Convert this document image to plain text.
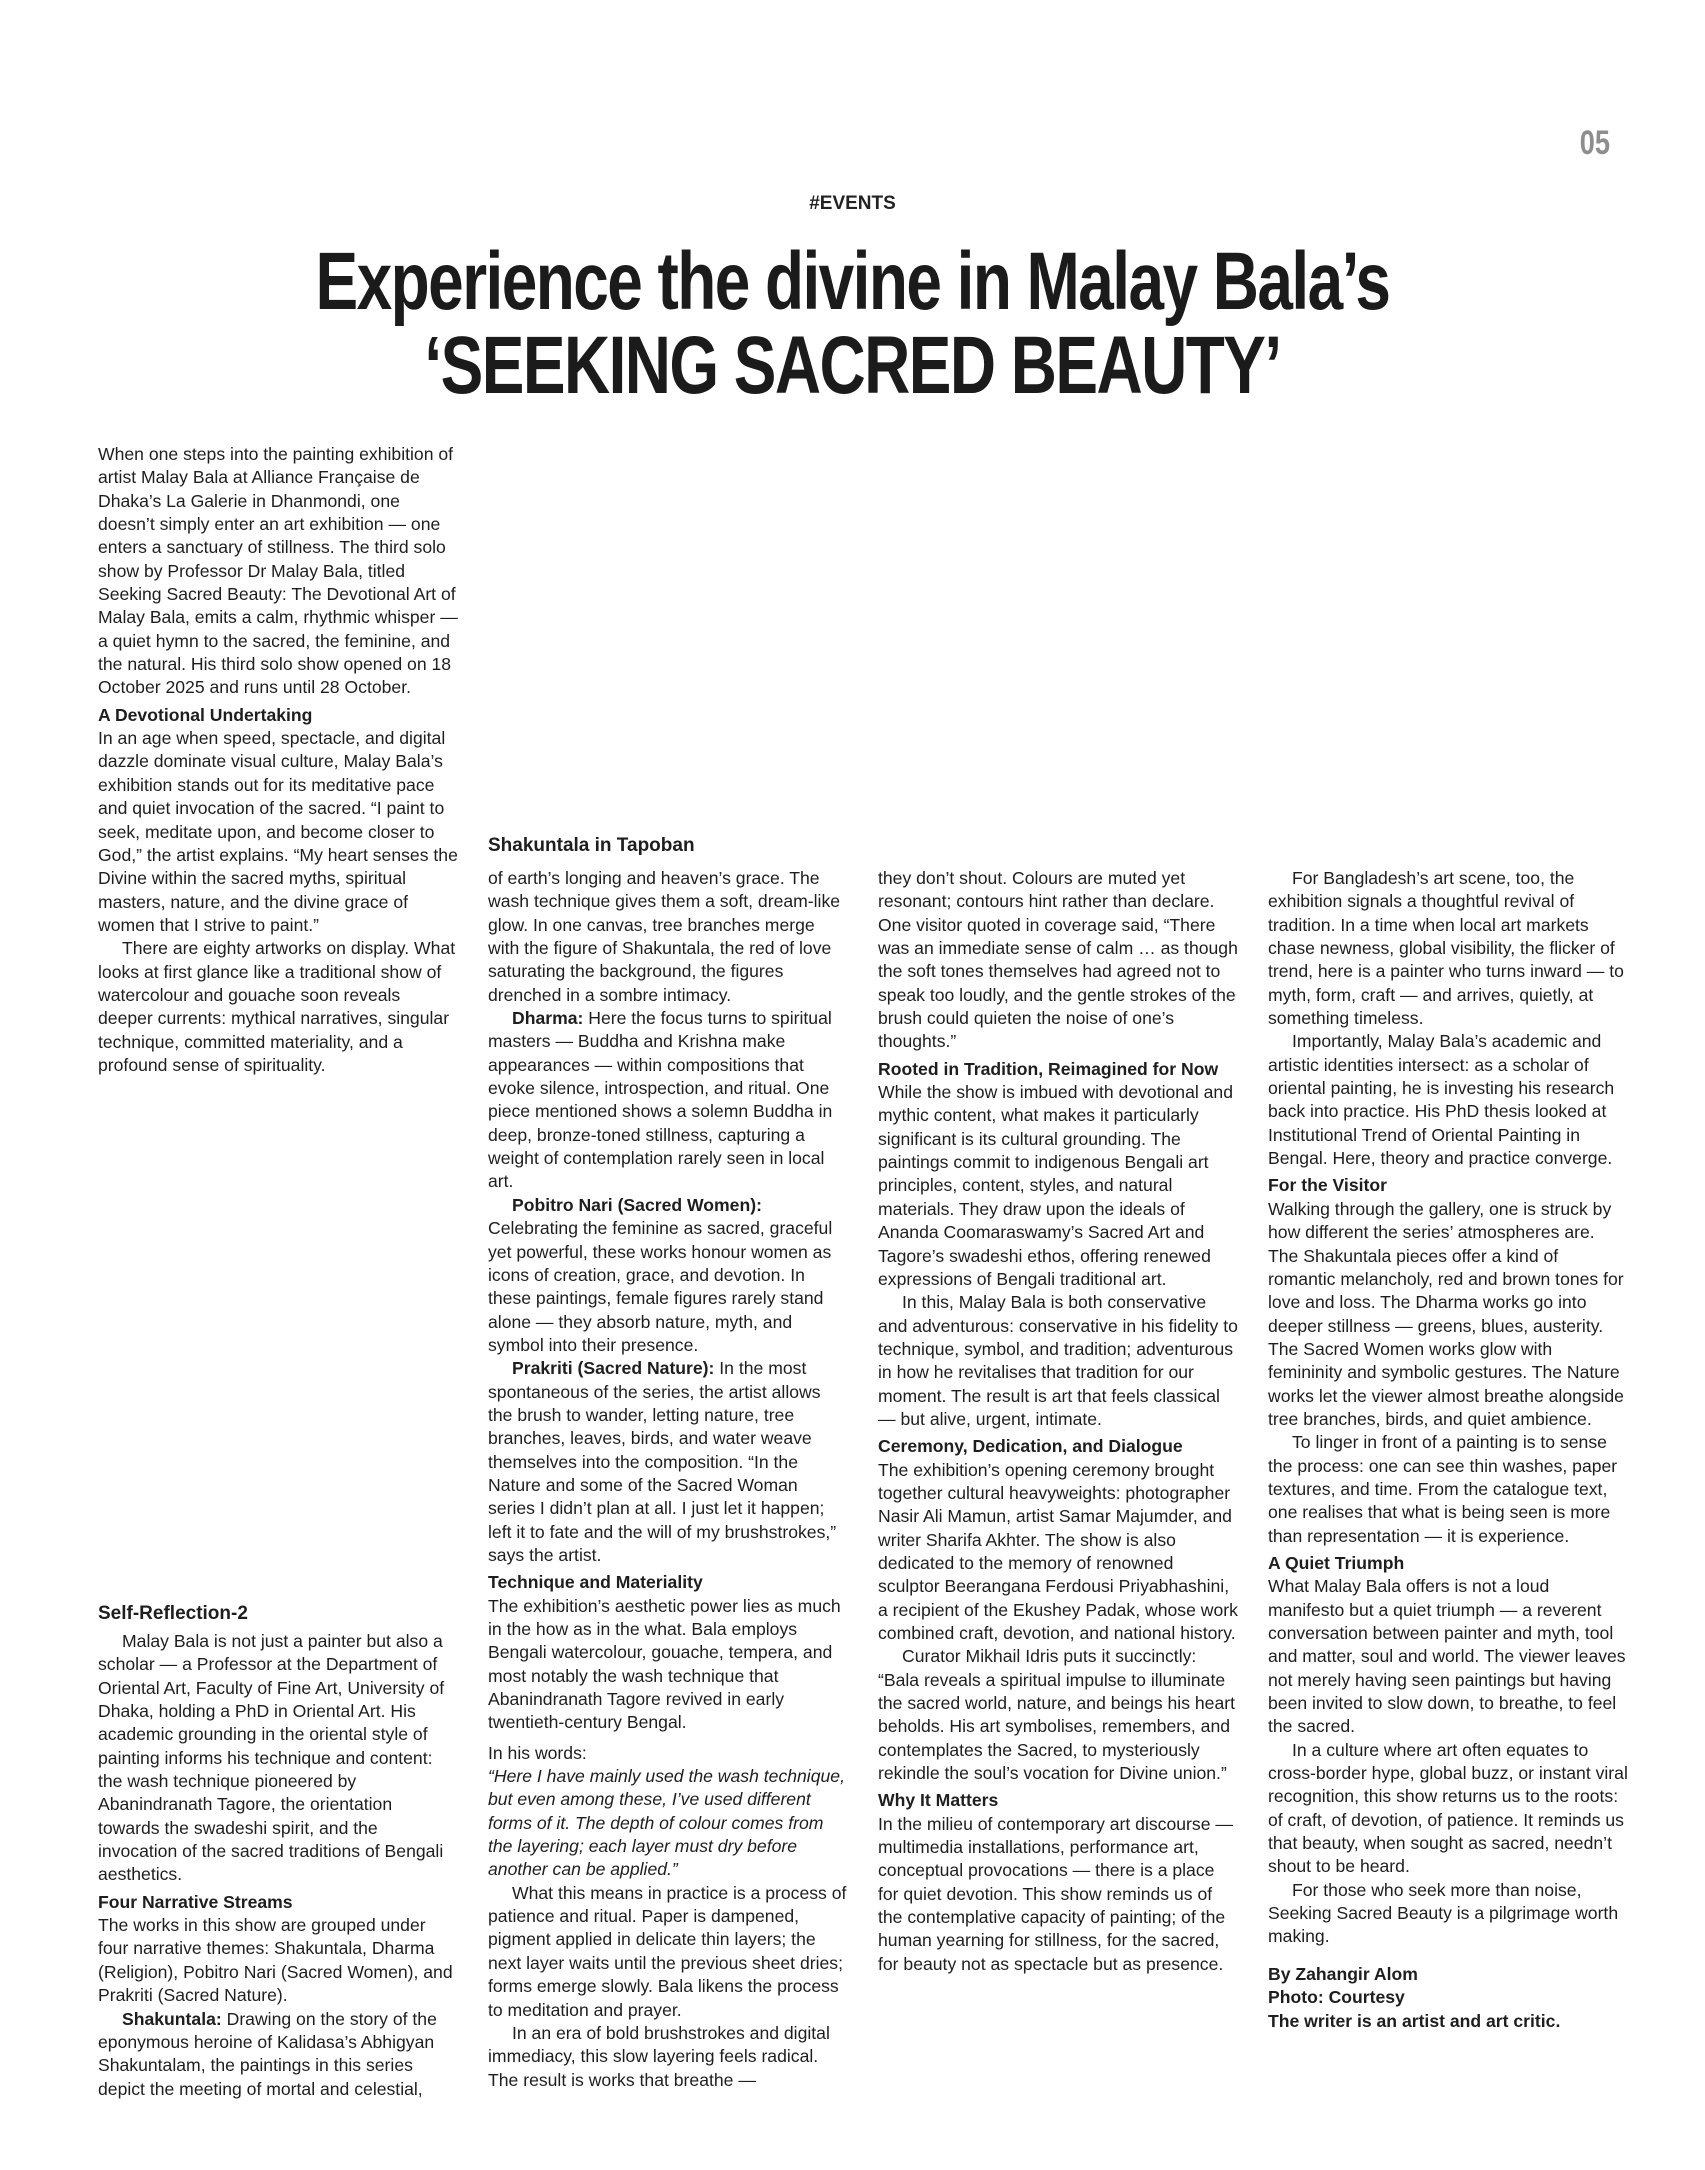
05
#EVENTS
Experience the divine in Malay Bala’s
‘SEEKING SACRED BEAUTY’

When one steps into the painting exhibition of artist Malay Bala at Alliance Française de Dhaka’s La Galerie in Dhanmondi, one doesn’t simply enter an art exhibition — one enters a sanctuary of stillness. The third solo show by Professor Dr Malay Bala, titled Seeking Sacred Beauty: The Devotional Art of Malay Bala, emits a calm, rhythmic whisper — a quiet hymn to the sacred, the feminine, and the natural. His third solo show opened on 18 October 2025 and runs until 28 October.

A Devotional Undertaking

In an age when speed, spectacle, and digital dazzle dominate visual culture, Malay Bala’s exhibition stands out for its meditative pace and quiet invocation of the sacred. “I paint to seek, meditate upon, and become closer to God,” the artist explains. “My heart senses the Divine within the sacred myths, spiritual masters, nature, and the divine grace of women that I strive to paint.”

There are eighty artworks on display. What looks at first glance like a traditional show of watercolour and gouache soon reveals deeper currents: mythical narratives, singular technique, committed materiality, and a profound sense of spirituality.

Shakuntala in Tapoban
Self-Reflection-2

Malay Bala is not just a painter but also a scholar — a Professor at the Department of Oriental Art, Faculty of Fine Art, University of Dhaka, holding a PhD in Oriental Art. His academic grounding in the oriental style of painting informs his technique and content: the wash technique pioneered by Abanindranath Tagore, the orientation towards the swadeshi spirit, and the invocation of the sacred traditions of Bengali aesthetics.

Four Narrative Streams

The works in this show are grouped under four narrative themes: Shakuntala, Dharma (Religion), Pobitro Nari (Sacred Women), and Prakriti (Sacred Nature).

Shakuntala: Drawing on the story of the eponymous heroine of Kalidasa’s Abhigyan Shakuntalam, the paintings in this series depict the meeting of mortal and celestial,

of earth’s longing and heaven’s grace. The wash technique gives them a soft, dream-like glow. In one canvas, tree branches merge with the figure of Shakuntala, the red of love saturating the background, the figures drenched in a sombre intimacy.

Dharma: Here the focus turns to spiritual masters — Buddha and Krishna make appearances — within compositions that evoke silence, introspection, and ritual. One piece mentioned shows a solemn Buddha in deep, bronze-toned stillness, capturing a weight of contemplation rarely seen in local art.

Pobitro Nari (Sacred Women): Celebrating the feminine as sacred, graceful yet powerful, these works honour women as icons of creation, grace, and devotion. In these paintings, female figures rarely stand alone — they absorb nature, myth, and symbol into their presence.

Prakriti (Sacred Nature): In the most spontaneous of the series, the artist allows the brush to wander, letting nature, tree branches, leaves, birds, and water weave themselves into the composition. “In the Nature and some of the Sacred Woman series I didn’t plan at all. I just let it happen; left it to fate and the will of my brushstrokes,” says the artist.

Technique and Materiality

The exhibition’s aesthetic power lies as much in the how as in the what. Bala employs Bengali watercolour, gouache, tempera, and most notably the wash technique that Abanindranath Tagore revived in early twentieth-century Bengal.

In his words:

“Here I have mainly used the wash technique, but even among these, I’ve used different forms of it. The depth of colour comes from the layering; each layer must dry before another can be applied.”

What this means in practice is a process of patience and ritual. Paper is dampened, pigment applied in delicate thin layers; the next layer waits until the previous sheet dries; forms emerge slowly. Bala likens the process to meditation and prayer.

In an era of bold brushstrokes and digital immediacy, this slow layering feels radical. The result is works that breathe —

they don’t shout. Colours are muted yet resonant; contours hint rather than declare. One visitor quoted in coverage said, “There was an immediate sense of calm … as though the soft tones themselves had agreed not to speak too loudly, and the gentle strokes of the brush could quieten the noise of one’s thoughts.”

Rooted in Tradition, Reimagined for Now

While the show is imbued with devotional and mythic content, what makes it particularly significant is its cultural grounding. The paintings commit to indigenous Bengali art principles, content, styles, and natural materials. They draw upon the ideals of Ananda Coomaraswamy’s Sacred Art and Tagore’s swadeshi ethos, offering renewed expressions of Bengali traditional art.

In this, Malay Bala is both conservative and adventurous: conservative in his fidelity to technique, symbol, and tradition; adventurous in how he revitalises that tradition for our moment. The result is art that feels classical — but alive, urgent, intimate.

Ceremony, Dedication, and Dialogue

The exhibition’s opening ceremony brought together cultural heavyweights: photographer Nasir Ali Mamun, artist Samar Majumder, and writer Sharifa Akhter. The show is also dedicated to the memory of renowned sculptor Beerangana Ferdousi Priyabhashini, a recipient of the Ekushey Padak, whose work combined craft, devotion, and national history.

Curator Mikhail Idris puts it succinctly: “Bala reveals a spiritual impulse to illuminate the sacred world, nature, and beings his heart beholds. His art symbolises, remembers, and contemplates the Sacred, to mysteriously rekindle the soul’s vocation for Divine union.”

Why It Matters

In the milieu of contemporary art discourse — multimedia installations, performance art, conceptual provocations — there is a place for quiet devotion. This show reminds us of the contemplative capacity of painting; of the human yearning for stillness, for the sacred, for beauty not as spectacle but as presence.

For Bangladesh’s art scene, too, the exhibition signals a thoughtful revival of tradition. In a time when local art markets chase newness, global visibility, the flicker of trend, here is a painter who turns inward — to myth, form, craft — and arrives, quietly, at something timeless.

Importantly, Malay Bala’s academic and artistic identities intersect: as a scholar of oriental painting, he is investing his research back into practice. His PhD thesis looked at Institutional Trend of Oriental Painting in Bengal. Here, theory and practice converge.

For the Visitor

Walking through the gallery, one is struck by how different the series’ atmospheres are. The Shakuntala pieces offer a kind of romantic melancholy, red and brown tones for love and loss. The Dharma works go into deeper stillness — greens, blues, austerity. The Sacred Women works glow with femininity and symbolic gestures. The Nature works let the viewer almost breathe alongside tree branches, birds, and quiet ambience.

To linger in front of a painting is to sense the process: one can see thin washes, paper textures, and time. From the catalogue text, one realises that what is being seen is more than representation — it is experience.

A Quiet Triumph

What Malay Bala offers is not a loud manifesto but a quiet triumph — a reverent conversation between painter and myth, tool and matter, soul and world. The viewer leaves not merely having seen paintings but having been invited to slow down, to breathe, to feel the sacred.

In a culture where art often equates to cross-border hype, global buzz, or instant viral recognition, this show returns us to the roots: of craft, of devotion, of patience. It reminds us that beauty, when sought as sacred, needn’t shout to be heard.

For those who seek more than noise, Seeking Sacred Beauty is a pilgrimage worth making.

By Zahangir Alom

Photo: Courtesy

The writer is an artist and art critic.
